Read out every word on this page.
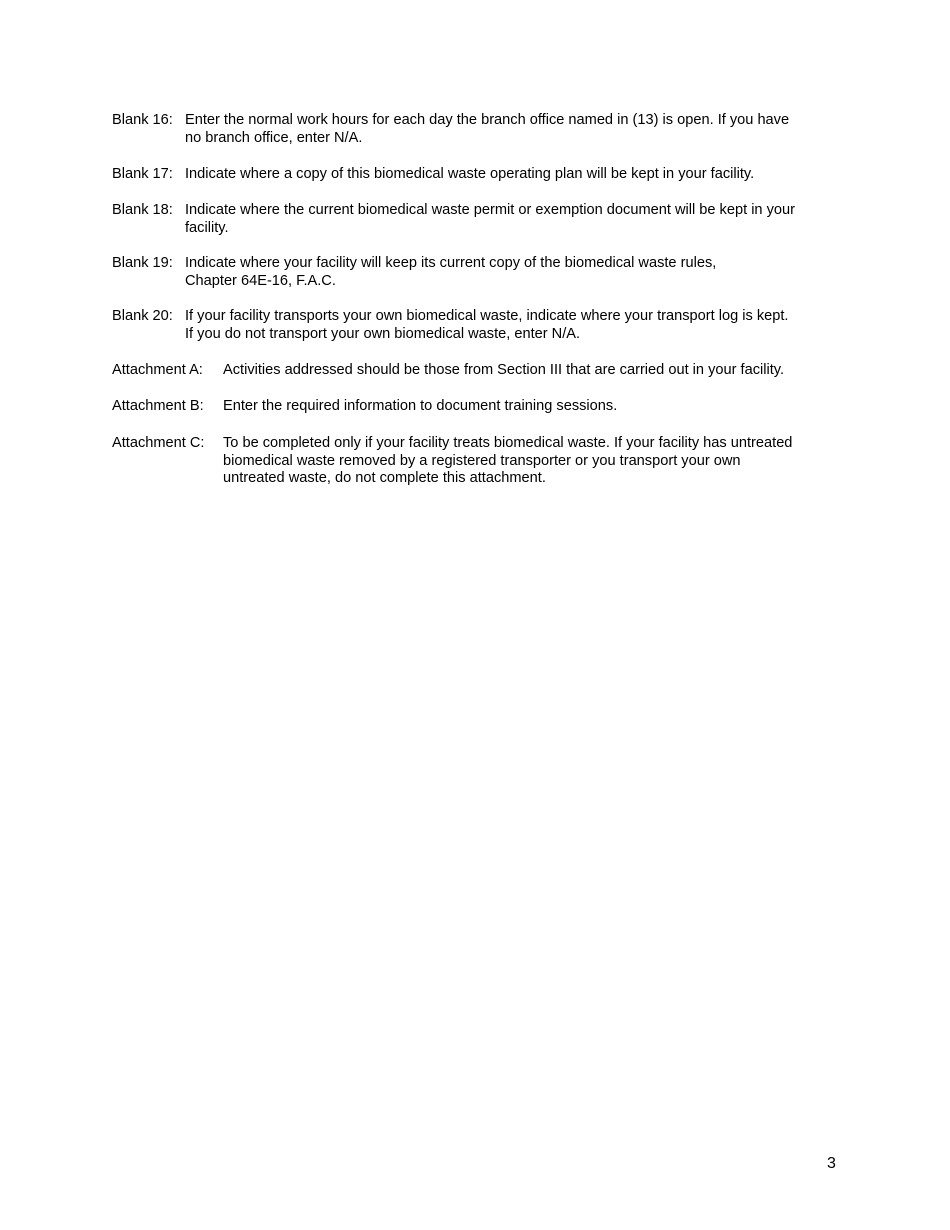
Blank 16: Enter the normal work hours for each day the branch office named in (13) is open. If you have
no branch office, enter N/A.
Blank 17: Indicate where a copy of this biomedical waste operating plan will be kept in your facility.
Blank 18: Indicate where the current biomedical waste permit or exemption document will be kept in your
facility.
Blank 19: Indicate where your facility will keep its current copy of the biomedical waste rules,
Chapter 64E-16, F.A.C.
Blank 20: If your facility transports your own biomedical waste, indicate where your transport log is kept.
If you do not transport your own biomedical waste, enter N/A.
Attachment A:	Activities addressed should be those from Section III that are carried out in your facility.
Attachment B:	Enter the required information to document training sessions.
Attachment C:	To be completed only if your facility treats biomedical waste. If your facility has untreated
biomedical waste removed by a registered transporter or you transport your own
untreated waste, do not complete this attachment.
3
